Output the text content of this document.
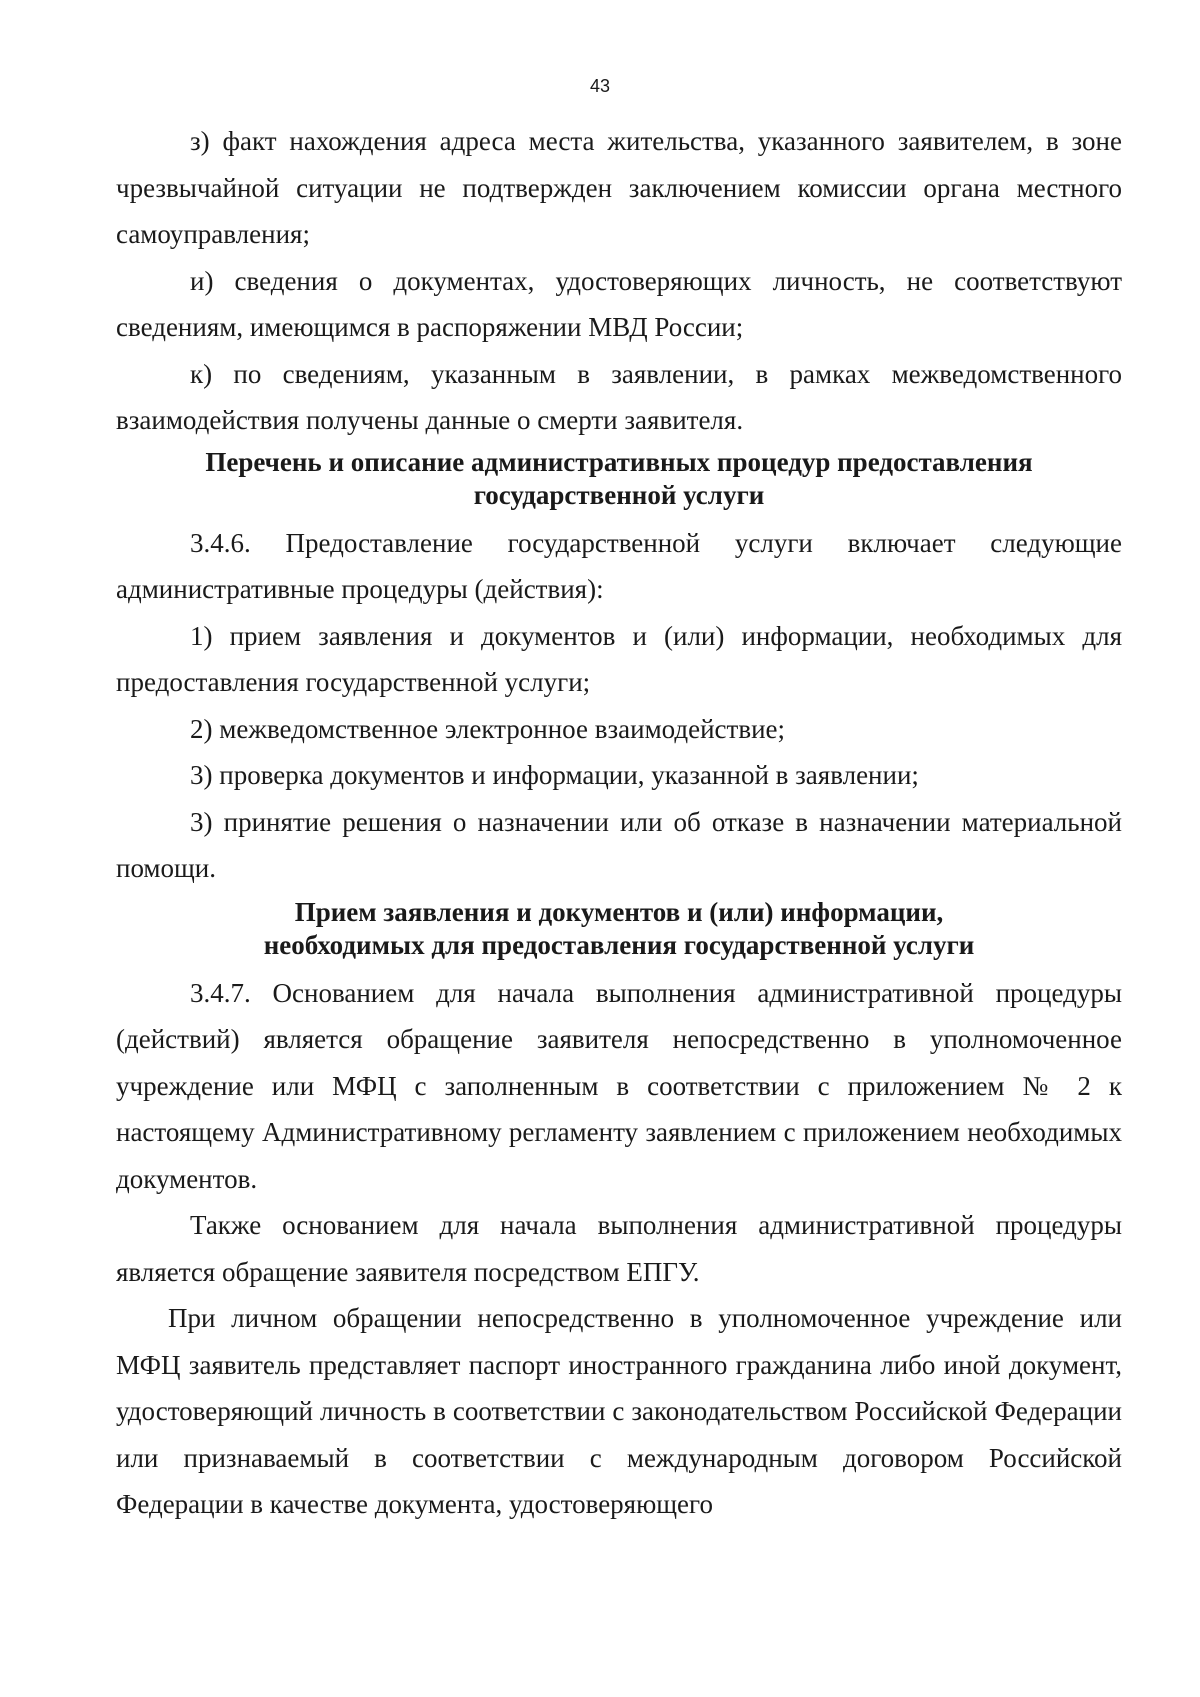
43

з) факт нахождения адреса места жительства, указанного заявителем, в зоне чрезвычайной ситуации не подтвержден заключением комиссии органа местного самоуправления;

и) сведения о документах, удостоверяющих личность, не соответствуют сведениям, имеющимся в распоряжении МВД России;

к) по сведениям, указанным в заявлении, в рамках межведомственного взаимодействия получены данные о смерти заявителя.

Перечень и описание административных процедур предоставления
государственной услуги

3.4.6. Предоставление государственной услуги включает следующие административные процедуры (действия):

1) прием заявления и документов и (или) информации, необходимых для предоставления государственной услуги;

2) межведомственное электронное взаимодействие;

3) проверка документов и информации, указанной в заявлении;

3) принятие решения о назначении или об отказе в назначении материальной помощи.

Прием заявления и документов и (или) информации,
необходимых для предоставления государственной услуги

3.4.7. Основанием для начала выполнения административной процедуры (действий) является обращение заявителя непосредственно в уполномоченное учреждение или МФЦ с заполненным в соответствии с приложением № 2 к настоящему Административному регламенту заявлением с приложением необходимых документов.

Также основанием для начала выполнения административной процедуры является обращение заявителя посредством ЕПГУ.

При личном обращении непосредственно в уполномоченное учреждение или МФЦ заявитель представляет паспорт иностранного гражданина либо иной документ, удостоверяющий личность в соответствии с законодательством Российской Федерации или признаваемый в соответствии с международным договором Российской Федерации в качестве документа, удостоверяющего
